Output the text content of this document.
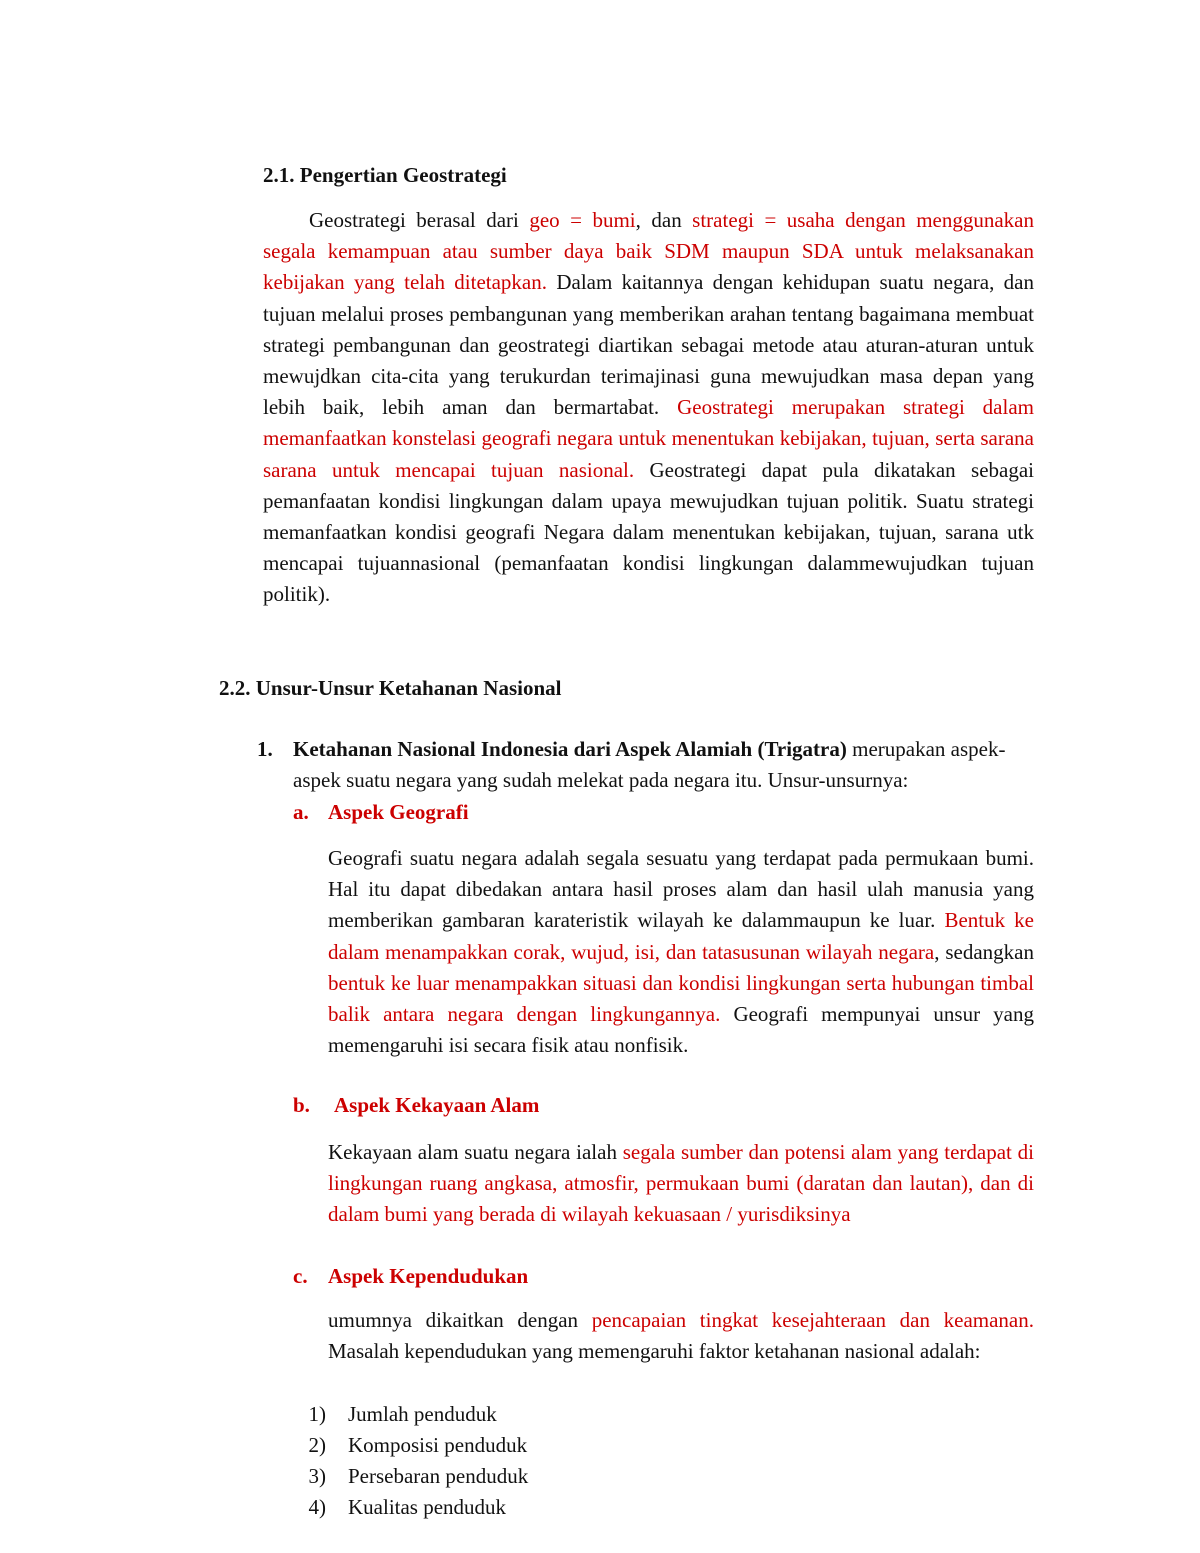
2.1. Pengertian Geostrategi

Geostrategi berasal dari geo = bumi, dan strategi = usaha dengan menggunakan segala kemampuan atau sumber daya baik SDM maupun SDA untuk melaksanakan kebijakan yang telah ditetapkan. Dalam kaitannya dengan kehidupan suatu negara, dan tujuan melalui proses pembangunan yang memberikan arahan tentang bagaimana membuat strategi pembangunan dan geostrategi diartikan sebagai metode atau aturan-aturan untuk mewujdkan cita-cita yang terukurdan terimajinasi guna mewujudkan masa depan yang lebih baik, lebih aman dan bermartabat. Geostrategi merupakan strategi dalam memanfaatkan konstelasi geografi negara untuk menentukan kebijakan, tujuan, serta sarana sarana untuk mencapai tujuan nasional. Geostrategi dapat pula dikatakan sebagai pemanfaatan kondisi lingkungan dalam upaya mewujudkan tujuan politik. Suatu strategi memanfaatkan kondisi geografi Negara dalam menentukan kebijakan, tujuan, sarana utk mencapai tujuannasional (pemanfaatan kondisi lingkungan dalammewujudkan tujuan politik).

2.2. Unsur-Unsur Ketahanan Nasional
1. Ketahanan Nasional Indonesia dari Aspek Alamiah (Trigatra) merupakan aspek-aspek suatu negara yang sudah melekat pada negara itu. Unsur-unsurnya:

a. Aspek Geografi

Geografi suatu negara adalah segala sesuatu yang terdapat pada permukaan bumi. Hal itu dapat dibedakan antara hasil proses alam dan hasil ulah manusia yang memberikan gambaran karateristik wilayah ke dalammaupun ke luar. Bentuk ke dalam menampakkan corak, wujud, isi, dan tatasusunan wilayah negara, sedangkan bentuk ke luar menampakkan situasi dan kondisi lingkungan serta hubungan timbal balik antara negara dengan lingkungannya. Geografi mempunyai unsur yang memengaruhi isi secara fisik atau nonfisik.

b. Aspek Kekayaan Alam

Kekayaan alam suatu negara ialah segala sumber dan potensi alam yang terdapat di lingkungan ruang angkasa, atmosfir, permukaan bumi (daratan dan lautan), dan di dalam bumi yang berada di wilayah kekuasaan / yurisdiksinya

c. Aspek Kependudukan

umumnya dikaitkan dengan pencapaian tingkat kesejahteraan dan keamanan. Masalah kependudukan yang memengaruhi faktor ketahanan nasional adalah:

1) Jumlah penduduk
2) Komposisi penduduk
3) Persebaran penduduk
4) Kualitas penduduk
